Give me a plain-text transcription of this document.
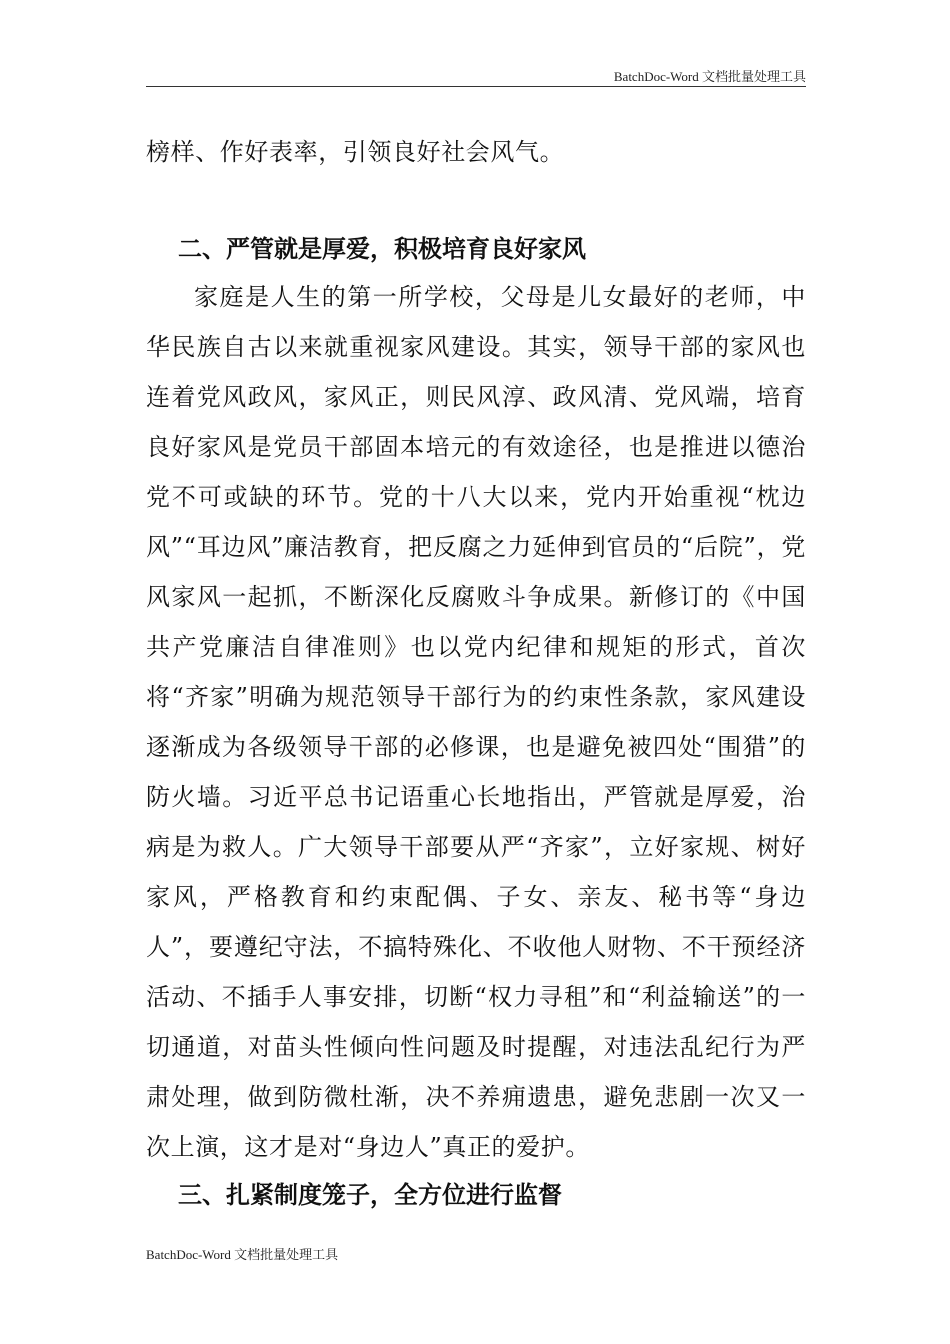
BatchDoc-Word 文档批量处理工具

榜样、作好表率，引领良好社会风气。

二、严管就是厚爱，积极培育良好家风

家庭是人生的第一所学校，父母是儿女最好的老师，中华民族自古以来就重视家风建设。其实，领导干部的家风也连着党风政风，家风正，则民风淳、政风清、党风端，培育良好家风是党员干部固本培元的有效途径，也是推进以德治党不可或缺的环节。党的十八大以来，党内开始重视“枕边风”“耳边风”廉洁教育，把反腐之力延伸到官员的“后院”，党风家风一起抓，不断深化反腐败斗争成果。新修订的《中国共产党廉洁自律准则》也以党内纪律和规矩的形式，首次将“齐家”明确为规范领导干部行为的约束性条款，家风建设逐渐成为各级领导干部的必修课，也是避免被四处“围猎”的防火墙。习近平总书记语重心长地指出，严管就是厚爱，治病是为救人。广大领导干部要从严“齐家”，立好家规、树好家风，严格教育和约束配偶、子女、亲友、秘书等“身边人”，要遵纪守法，不搞特殊化、不收他人财物、不干预经济活动、不插手人事安排，切断“权力寻租”和“利益输送”的一切通道，对苗头性倾向性问题及时提醒，对违法乱纪行为严肃处理，做到防微杜渐，决不养痈遗患，避免悲剧一次又一次上演，这才是对“身边人”真正的爱护。

三、扎紧制度笼子，全方位进行监督
BatchDoc-Word 文档批量处理工具
